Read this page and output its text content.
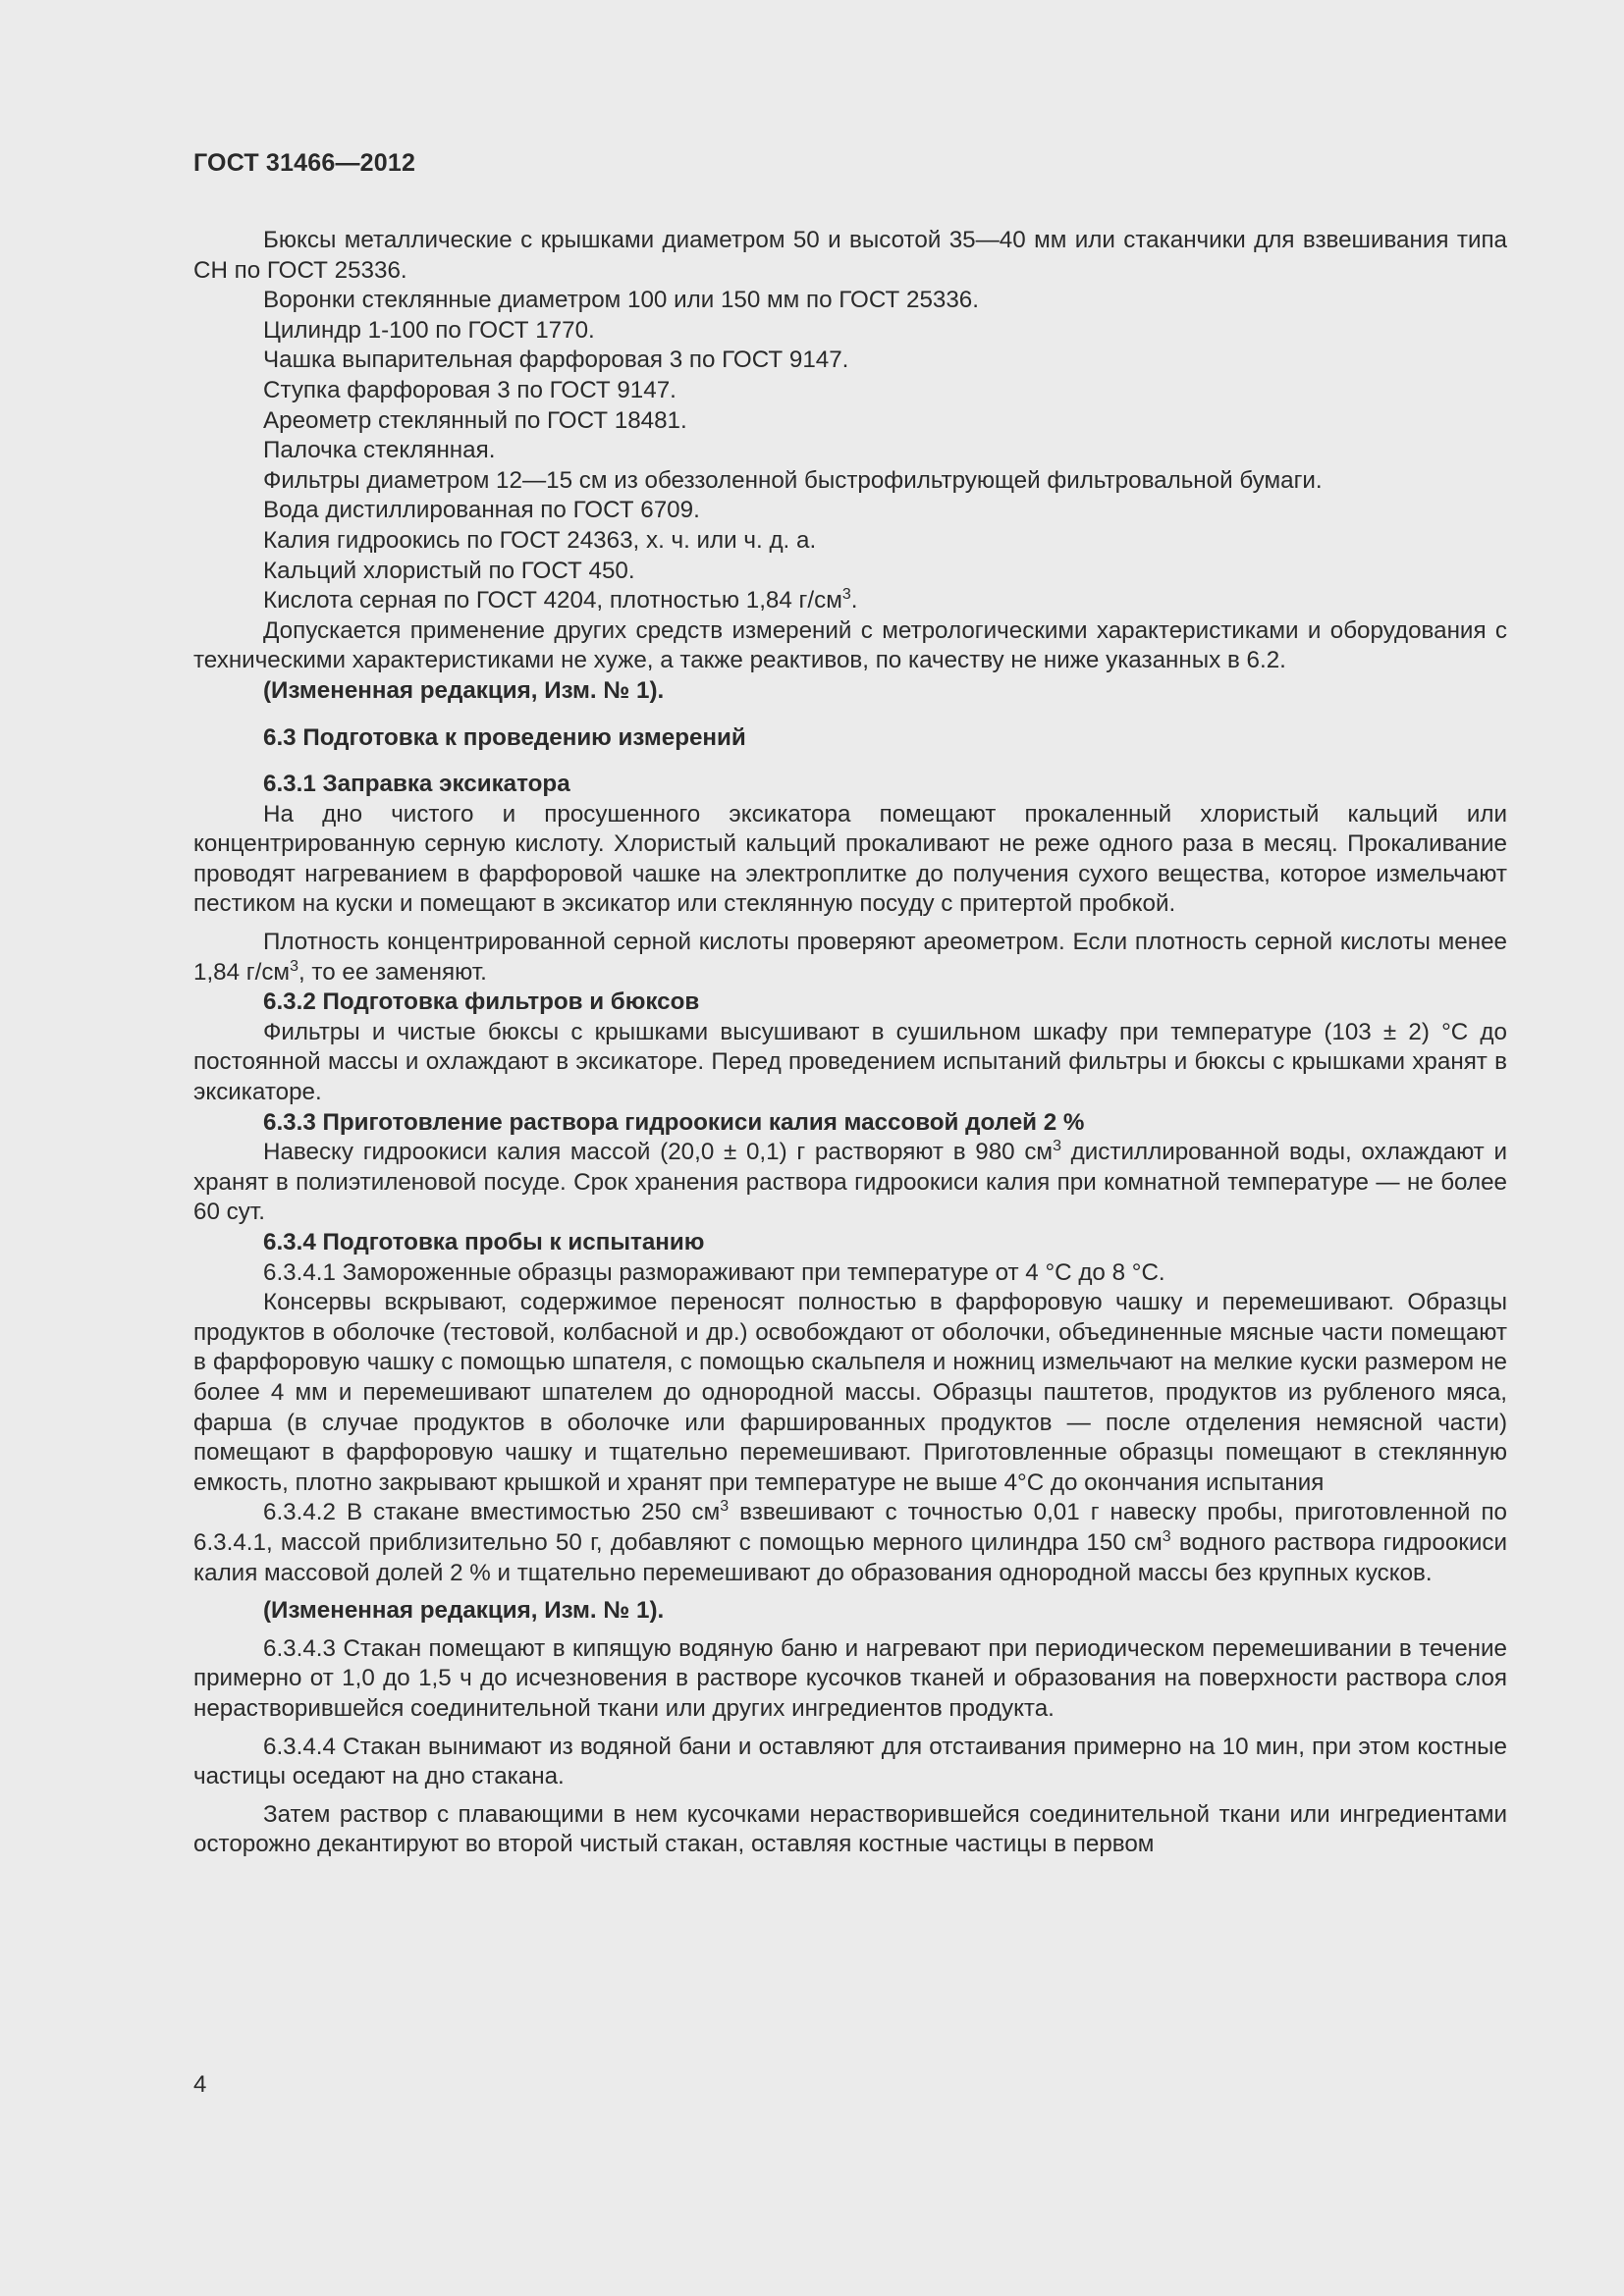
ГОСТ 31466—2012

Бюксы металлические с крышками диаметром 50 и высотой 35—40 мм или стаканчики для взвешивания типа СН по ГОСТ 25336.

Воронки стеклянные диаметром 100 или 150 мм по ГОСТ 25336.

Цилиндр 1-100 по ГОСТ 1770.

Чашка выпарительная фарфоровая 3 по ГОСТ 9147.

Ступка фарфоровая 3 по ГОСТ 9147.

Ареометр стеклянный по ГОСТ 18481.

Палочка стеклянная.

Фильтры диаметром 12—15 см из обеззоленной быстрофильтрующей фильтровальной бумаги.

Вода дистиллированная по ГОСТ 6709.

Калия гидроокись по ГОСТ 24363, х. ч. или ч. д. а.

Кальций хлористый по ГОСТ 450.

Кислота серная по ГОСТ 4204, плотностью 1,84 $г/см^3$.

Допускается применение других средств измерений с метрологическими характеристиками и оборудования с техническими характеристиками не хуже, а также реактивов, по качеству не ниже указанных в 6.2.

(Измененная редакция, Изм. № 1).

6.3 Подготовка к проведению измерений
6.3.1 Заправка эксикатора

На дно чистого и просушенного эксикатора помещают прокаленный хлористый кальций или концентрированную серную кислоту. Хлористый кальций прокаливают не реже одного раза в месяц. Прокаливание проводят нагреванием в фарфоровой чашке на электроплитке до получения сухого вещества, которое измельчают пестиком на куски и помещают в эксикатор или стеклянную посуду с притертой пробкой.

Плотность концентрированной серной кислоты проверяют ареометром. Если плотность серной кислоты менее 1,84 $г/см^3$, то ее заменяют.

6.3.2 Подготовка фильтров и бюксов

Фильтры и чистые бюксы с крышками высушивают в сушильном шкафу при температуре (103 ± 2) °С до постоянной массы и охлаждают в эксикаторе. Перед проведением испытаний фильтры и бюксы с крышками хранят в эксикаторе.

6.3.3 Приготовление раствора гидроокиси калия массовой долей 2 %

Навеску гидроокиси калия массой (20,0 ± 0,1) г растворяют в 980 $см^3$ дистиллированной воды, охлаждают и хранят в полиэтиленовой посуде. Срок хранения раствора гидроокиси калия при комнатной температуре — не более 60 сут.

6.3.4 Подготовка пробы к испытанию

6.3.4.1 Замороженные образцы размораживают при температуре от 4 °С до 8 °С.

Консервы вскрывают, содержимое переносят полностью в фарфоровую чашку и перемешивают. Образцы продуктов в оболочке (тестовой, колбасной и др.) освобождают от оболочки, объединенные мясные части помещают в фарфоровую чашку с помощью шпателя, с помощью скальпеля и ножниц измельчают на мелкие куски размером не более 4 мм и перемешивают шпателем до однородной массы. Образцы паштетов, продуктов из рубленого мяса, фарша (в случае продуктов в оболочке или фаршированных продуктов — после отделения немясной части) помещают в фарфоровую чашку и тщательно перемешивают. Приготовленные образцы помещают в стеклянную емкость, плотно закрывают крышкой и хранят при температуре не выше 4°С до окончания испытания

6.3.4.2 В стакане вместимостью 250 $см^3$ взвешивают с точностью 0,01 г навеску пробы, приготовленной по 6.3.4.1, массой приблизительно 50 г, добавляют с помощью мерного цилиндра 150 $см^3$ водного раствора гидроокиси калия массовой долей 2 % и тщательно перемешивают до образования однородной массы без крупных кусков.

(Измененная редакция, Изм. № 1).

6.3.4.3 Стакан помещают в кипящую водяную баню и нагревают при периодическом перемешивании в течение примерно от 1,0 до 1,5 ч до исчезновения в растворе кусочков тканей и образования на поверхности раствора слоя нерастворившейся соединительной ткани или других ингредиентов продукта.

6.3.4.4 Стакан вынимают из водяной бани и оставляют для отстаивания примерно на 10 мин, при этом костные частицы оседают на дно стакана.

Затем раствор с плавающими в нем кусочками нерастворившейся соединительной ткани или ингредиентами осторожно декантируют во второй чистый стакан, оставляя костные частицы в первом

4
